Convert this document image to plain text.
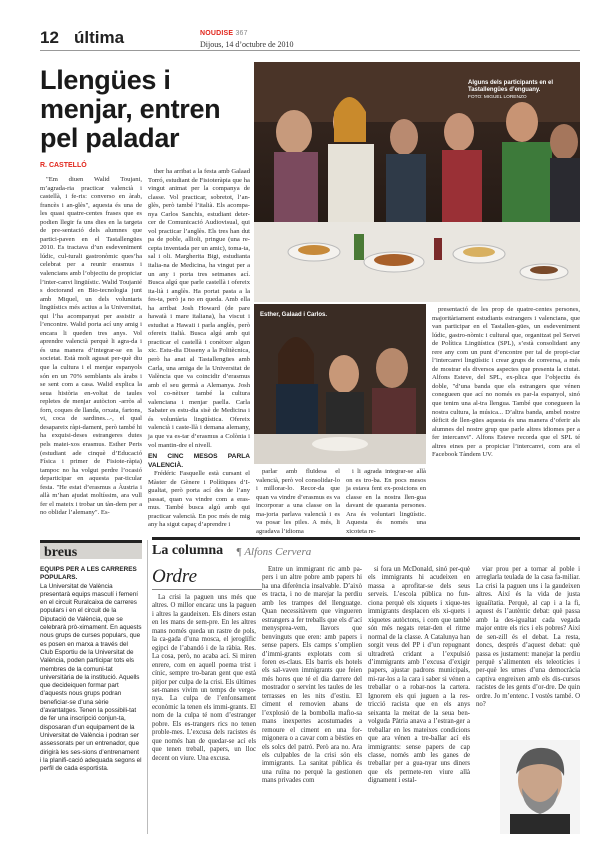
12 última	NOUDISE 367
Dijous, 14 d’octubre de 2010
Llengües i menjar, entren pel paladar
R. CASTELLÓ
Alguns dels participants en el Tastallengües d’enguany.
FOTO: MIGUEL LORENZO
Esther, Galaad i Carlos.

"Em diuen Walid Toujani, m’agrada-ria practicar valencià i castellà, i fe-ris: converso en àrab, francès i an-glès", aquesta és una de les quasi quatre-centes frases que es podien llegir fa uns dies en la targeta de pre-sentació dels alumnes que partici-paven en el Tastallengües 2010. Es tractava d’un esdeveniment lúdic, cul-turali gastronòmic ques’ha celebrat per a reunir erasmus i valencians amb l’objectiu de propiciar l’inter-canvi lingüístic. Walid Toujanié s doctorand en Bio-tecnologia junt amb Miquel, un dels voluntaris lingüístics més actius a la Universitat, qui l’ha acompanyat per assistir a l’encontre. Walid porta ací uny amig i encara li queden tres anys. Vol aprendre valencià perquè li agra-da i és una manera d’integrar-se en la societat. Està molt agusat per-què diu que la cultura i el menjar espanyols són en un 70% semblants als àrabs i se sent com a casa. Walid explica la seua història en-voltat de taules repletes de menjar autòcton -arròs al forn, coques de llanda, orxata, fartons, vi, coca de sardines...-, el qual desapareix ràpi-dament, però també hi ha exquisi-deses estrangeres dutes pels matei-xos erasmus. Esther Peris (estudiant ade cinquè d’Educació Física i primer de Fisiote-ràpia) tampoc no ha volgut perdre l’ocasió departicipar en aquesta par-ticular festa. "He estat d’erasmus a Àustria i allà m’han ajudat moltíssim, ara vull fer el mateix i trobar un tàn-dem per a no oblidar l’alemany". Es-

ther ha arribat a la festa amb Galaad Torró, estudiant de Fisioteràpia que ha vingut animat per la companya de classe. Vol practicar, sobretot, l’an-glès, però també l’italià. Els acompa-nya Carlos Sanchis, estudiant deter-cer de Comunicació Audiovisual, qui vol practicar l’anglès. Els tres han dut pa de poble, allioli, pringue (una re-cepta inventada per un amic), toma-ta, sal i oli. Margherita Bigi, estudianta italia-na de Medicina, ha vingut per a un any i porta tres setmanes ací. Busca algú que parle castellà i ofereix ita-lià i anglès. Ha portat pasta a la fes-ta, però ja no en queda. Amb ella ha arribat Josh Howard (de pare hawaià i mare italiana), ha viscut i estudiat a Hawaii i parla anglès, però ofereix italià. Busca algú amb qui practicar el castellà i conèixer algun xic. Estu-dia Disseny a la Politècnica, però ha anat al Tastallengües amb Carla, una amiga de la Universitat de València que va coincidir d’erasmus amb el seu germà a Alemanya. Josh vol co-nèixer també la cultura valenciana i menjar paella. Carla Sabater es estu-dia sisè de Medicina i és voluntària lingüística. Ofereix valencià i caste-llà i demana alemany, ja que va es-tar d’erasmus a Colònia i vol mantin-dre el nivell.

EN CINC MESOS PARLA VALENCIÀ.

Frédéric Fasquelle està cursant el Màster de Gènere i Polítiques d’I-gualtat, però porta ací des de l’any passat, quan va vindre com a eras-mus. També busca algú amb qui practicar valencià. En poc més de mig any ha sigut capaç d’aprendre i

parlar amb fluïdesa el valencià, però vol consolidar-lo i millorar-lo. Recor-da que quan va vindre d’erasmus es va incorporar a una classe on la ma-joria parlava valencià i es va posar les piles. A més, li agradava l’idioma

i li agrada integrar-se allà on es tro-ba. En pocs mesos ja estava fent ex-posicions en classe en la nostra llen-gua davant de quaranta persones. Ara és voluntari lingüístic. Aquesta és només una xicoteta re-

presentació de les prop de quatre-centes persones, majoritàriament estudiants estrangers i valencians, que van participar en el Tastallen-gües, un esdeveniment lúdic, gastro-nòmic i cultural que, organitzat pel Servei de Política Lingüística (SPL), s’està consolidant any rere any com un punt d’encontre per tal de propi-ciar l’intercanvi lingüístic i crear grups de conversa, a més de mostrar els diversos aspectes que presenta la ciutat. Alfons Esteve, del SPL, ex-plica que l’objectiu és doble, "d’una banda que els estrangers que vénen conegueen que ací no només es par-la espanyol, sinó que tenim una al-tra llengua. També que conegueen la nostra cultura, la música... D’altra banda, ambel nostre dèficit de llen-gües aquesta és una manera d’oferir als alumnes del nostre grup que parle altres idiomes per a fer intercanvi". Alfons Esteve recorda que el SPL té altres eines per a propiciar l’intercanvi, com ara el Facebook Tàndem UV.

breus
EQUIPS PER A LES CARRERES POPULARS.
La Universitat de València presentarà equips masculí i femení en el circuit Ruralcaixa de carreres populars i en el circuit de la Diputació de València, que se celebrarà prò-ximament. En aquests nous grups de curses populars, que es posen en marxa a través del Club Esportiu de la Universitat de València, poden participar tots els membres de la comuni-tat universitària de la institució. Aquells que decideiquen formar part d’aquests nous grups podran beneficiar-se d’una sèrie d’avantatges. Tenen la possibili-tat de fer una inscripció conjun-ta, disposaran d’un equipament de la Universitat de València i podran ser assessorats per un entrenador, que dirigirà les ses-sions d’entrenament i la planifi-cació adequada segons el perfil de cada esportista.
La columna ¶ Alfons Cervera
Ordre

La crisi la paguen uns més que altres. O millor encara: uns la paguen i altres la gaudeixen. Els diners estan en les mans de sem-pre. En les altres mans només queda un rastre de pols, la ca-gada d’una mosca, el jeroglífic egipci de l’abandó i de la ràbia. Res. La cosa, però, no acaba ací. Si miren enrere, com en aquell poema trist i cínic, sempre tro-baran gent que està pitjor per culpa de la crisi. Els últimes set-manes vivim un temps de vergo-nya. La culpa de l’enfonsament econòmic la tenen els immi-grants. El nom de la culpa té nom d’estranger pobre. Els es-trangers rics no tenen proble-mes. L’excusa dels racistes és que només han de quedar-se ací els que tenen treball, papers, un lloc decent on viure. Una excusa.

Entre un immigrant ric amb pa-pers i un altre pobre amb papers hi ha una diferència insalvable. D’això es tracta, i no de marejar la perdiu amb les trampes del llenguatge. Quan necessitàvem que vingueren estrangers a fer treballs que els d’ací menysprea-vem, llavors que benvinguts que eren: amb papers i sense papers. Els camps s’omplien d’immi-grants explotats com si foren es-claus. Els barris els hotels els sal-vaven immigrants que feien més hores que té el dia darrere del mostrador o servint les taules de les terrasses en les nits d’estiu. El ciment el removien abans de l’explosió de la bombolla mafio-sa mans inexpertes acostumades a remoure el ciment en una for-migonera o a cavar com a bèsties en els solcs del patró. Però ara no. Ara els culpables de la crisi són els immigrants. La sanitat pública és una ruïna no perquè la gestionen mans privades com

si fora un McDonald, sinó per-què els immigrants hi acudeixen en massa a aprofitar-se dels seus serveis. L’escola pública no fun-ciona perquè els xiquets i xique-tes immigrants desplacen els xi-quets i xiquetes autòctons, i com que també són més negats retar-den el ritme normal de la classe. A Catalunya han sorgit veus del PP i d’un repugnant ultradretà cridant a l’expulsió d’immigrants amb l’excusa d’exigir papers, ajustar padrons municipals, mi-rar-los a la cara i saber si vénen a treballar o a robar-nos la cartera. Ignorem els qui juguen a la res-tricció racista que en els anys seixanta la meitat de la seua ben-volguda Pàtria anava a l’estran-ger a treballar en les mateixes condicions que ara vénen a tre-ballar ací els immigrants: sense papers de cap classe, només amb les ganes de treballar per a gua-nyar uns diners que els permete-ren viure allà dignament i estal-

viar prou per a tornar al poble i arreglarla teulada de la casa fa-miliar. La crisi la paguen uns i la gaudeixen altres. Així és la vida de justa iguaiïtatia. Perquè, al cap i a la fi, aquest és l’autèntic debat: què passa amb la des-igualtat cada vegada major entre els rics i els pobres? Així de sen-zill és el debat. La resta, doncs, després d’aquest debat: què passa es justament: manejar la perdiu perquè s’alimenten els teleotícies i per-què les urnes d’una democràcia captiva engreixen amb els dis-cursos racistes de les gents d’or-dre. De quin ordre. Jo m’entenc. I vostès també. O no?
